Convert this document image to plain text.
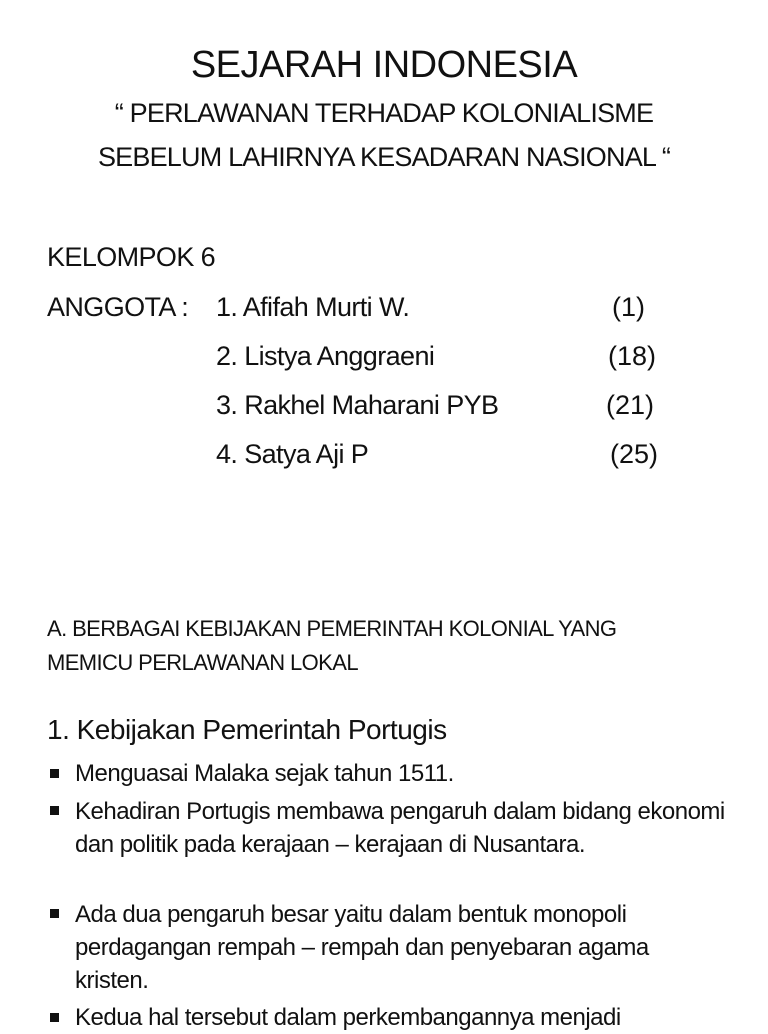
SEJARAH INDONESIA
“ PERLAWANAN TERHADAP KOLONIALISME
SEBELUM LAHIRNYA KESADARAN NASIONAL “
KELOMPOK 6
ANGGOTA : 1. Afifah Murti W.	(1)
2. Listya Anggraeni	(18)
3. Rakhel Maharani PYB	(21)
4. Satya Aji P	(25)
A. BERBAGAI KEBIJAKAN PEMERINTAH KOLONIAL YANG
MEMICU PERLAWANAN LOKAL
1. Kebijakan Pemerintah Portugis
Menguasai Malaka sejak tahun 1511.
Kehadiran Portugis membawa pengaruh dalam bidang ekonomi dan politik pada kerajaan – kerajaan di Nusantara.
Ada dua pengaruh besar yaitu dalam bentuk monopoli perdagangan rempah – rempah dan penyebaran agama kristen.
Kedua hal tersebut dalam perkembangannya menjadi
